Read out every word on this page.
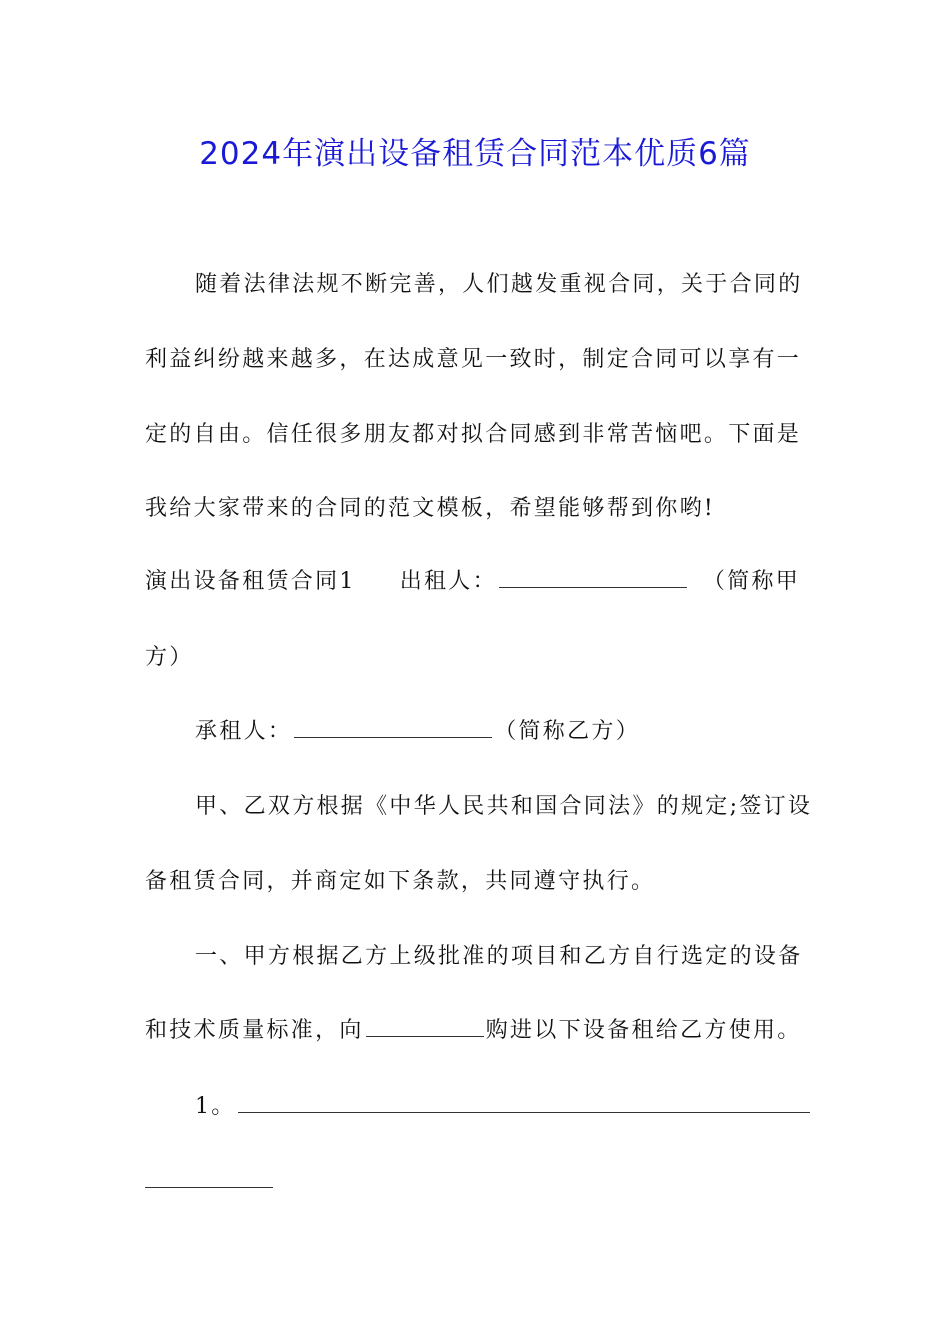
2024年演出设备租赁合同范本优质6篇
随着法律法规不断完善，人们越发重视合同，关于合同的
利益纠纷越来越多，在达成意见一致时，制定合同可以享有一
定的自由。信任很多朋友都对拟合同感到非常苦恼吧。下面是
我给大家带来的合同的范文模板，希望能够帮到你哟!
演出设备租赁合同1 出租人：	（简称甲
方）
承租人：	（简称乙方）
甲、乙双方根据《中华人民共和国合同法》的规定;签订设
备租赁合同，并商定如下条款，共同遵守执行。
一、甲方根据乙方上级批准的项目和乙方自行选定的设备
和技术质量标准，向	购进以下设备租给乙方使用。
1。
